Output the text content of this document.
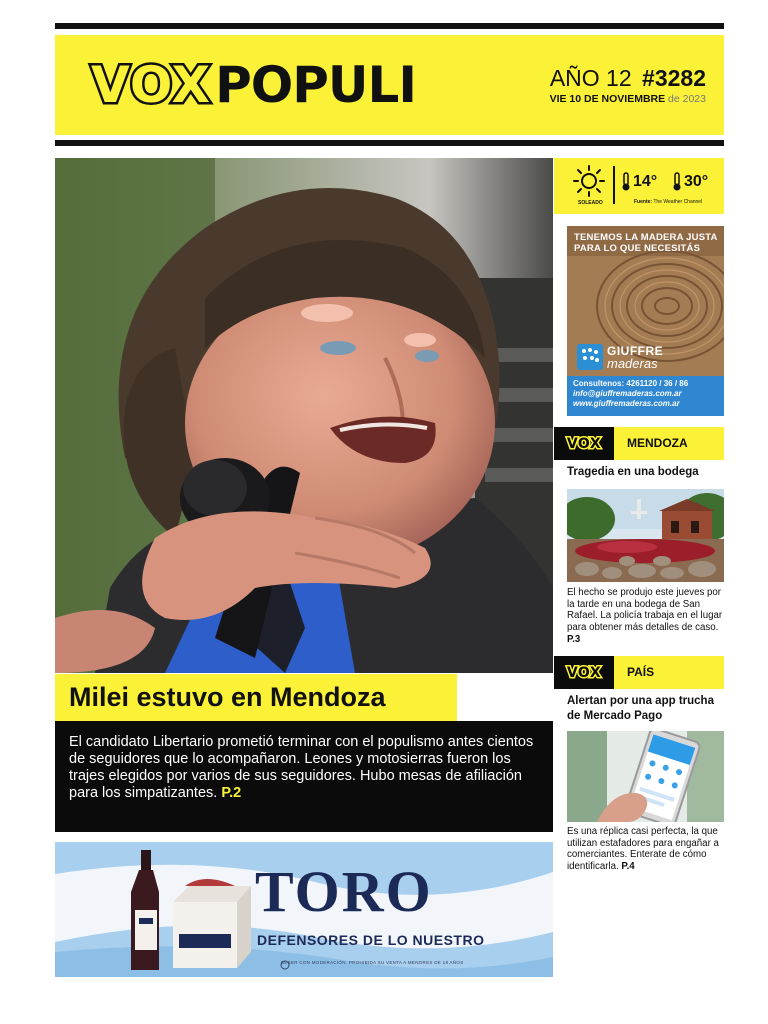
VOX POPULI	AÑO 12 #3282
VIE 10 DE NOVIEMBRE de 2023
Milei estuvo en Mendoza
El candidato Libertario prometió terminar con el populismo antes cientos de seguidores que lo acompañaron. Leones y motosierras fueron los trajes elegidos por varios de sus seguidores. Hubo mesas de afiliación para los simpatizantes. P.2
TORO
DEFENSORES DE LO NUESTRO
BEBER CON MODERACIÓN. PROHIBIDA SU VENTA A MENORES DE 18 AÑOS
SOLEADO
14° 30°
Fuente: The Weather Channel
TENEMOS LA MADERA JUSTA PARA LO QUE NECESITÁS
GIUFFRE
maderas
Consultenos: 4261120 / 36 / 86
info@giuffremaderas.com.ar
www.giuffremaderas.com.ar
VOX MENDOZA
Tragedia en una bodega
El hecho se produjo este jueves por la tarde en una bodega de San Rafael. La policía trabaja en el lugar para obtener más detalles de caso. P.3
VOX PAÍS
Alertan por una app trucha de Mercado Pago
Es una réplica casi perfecta, la que utilizan estafadores para engañar a comerciantes. Enterate de cómo identificarla. P.4
